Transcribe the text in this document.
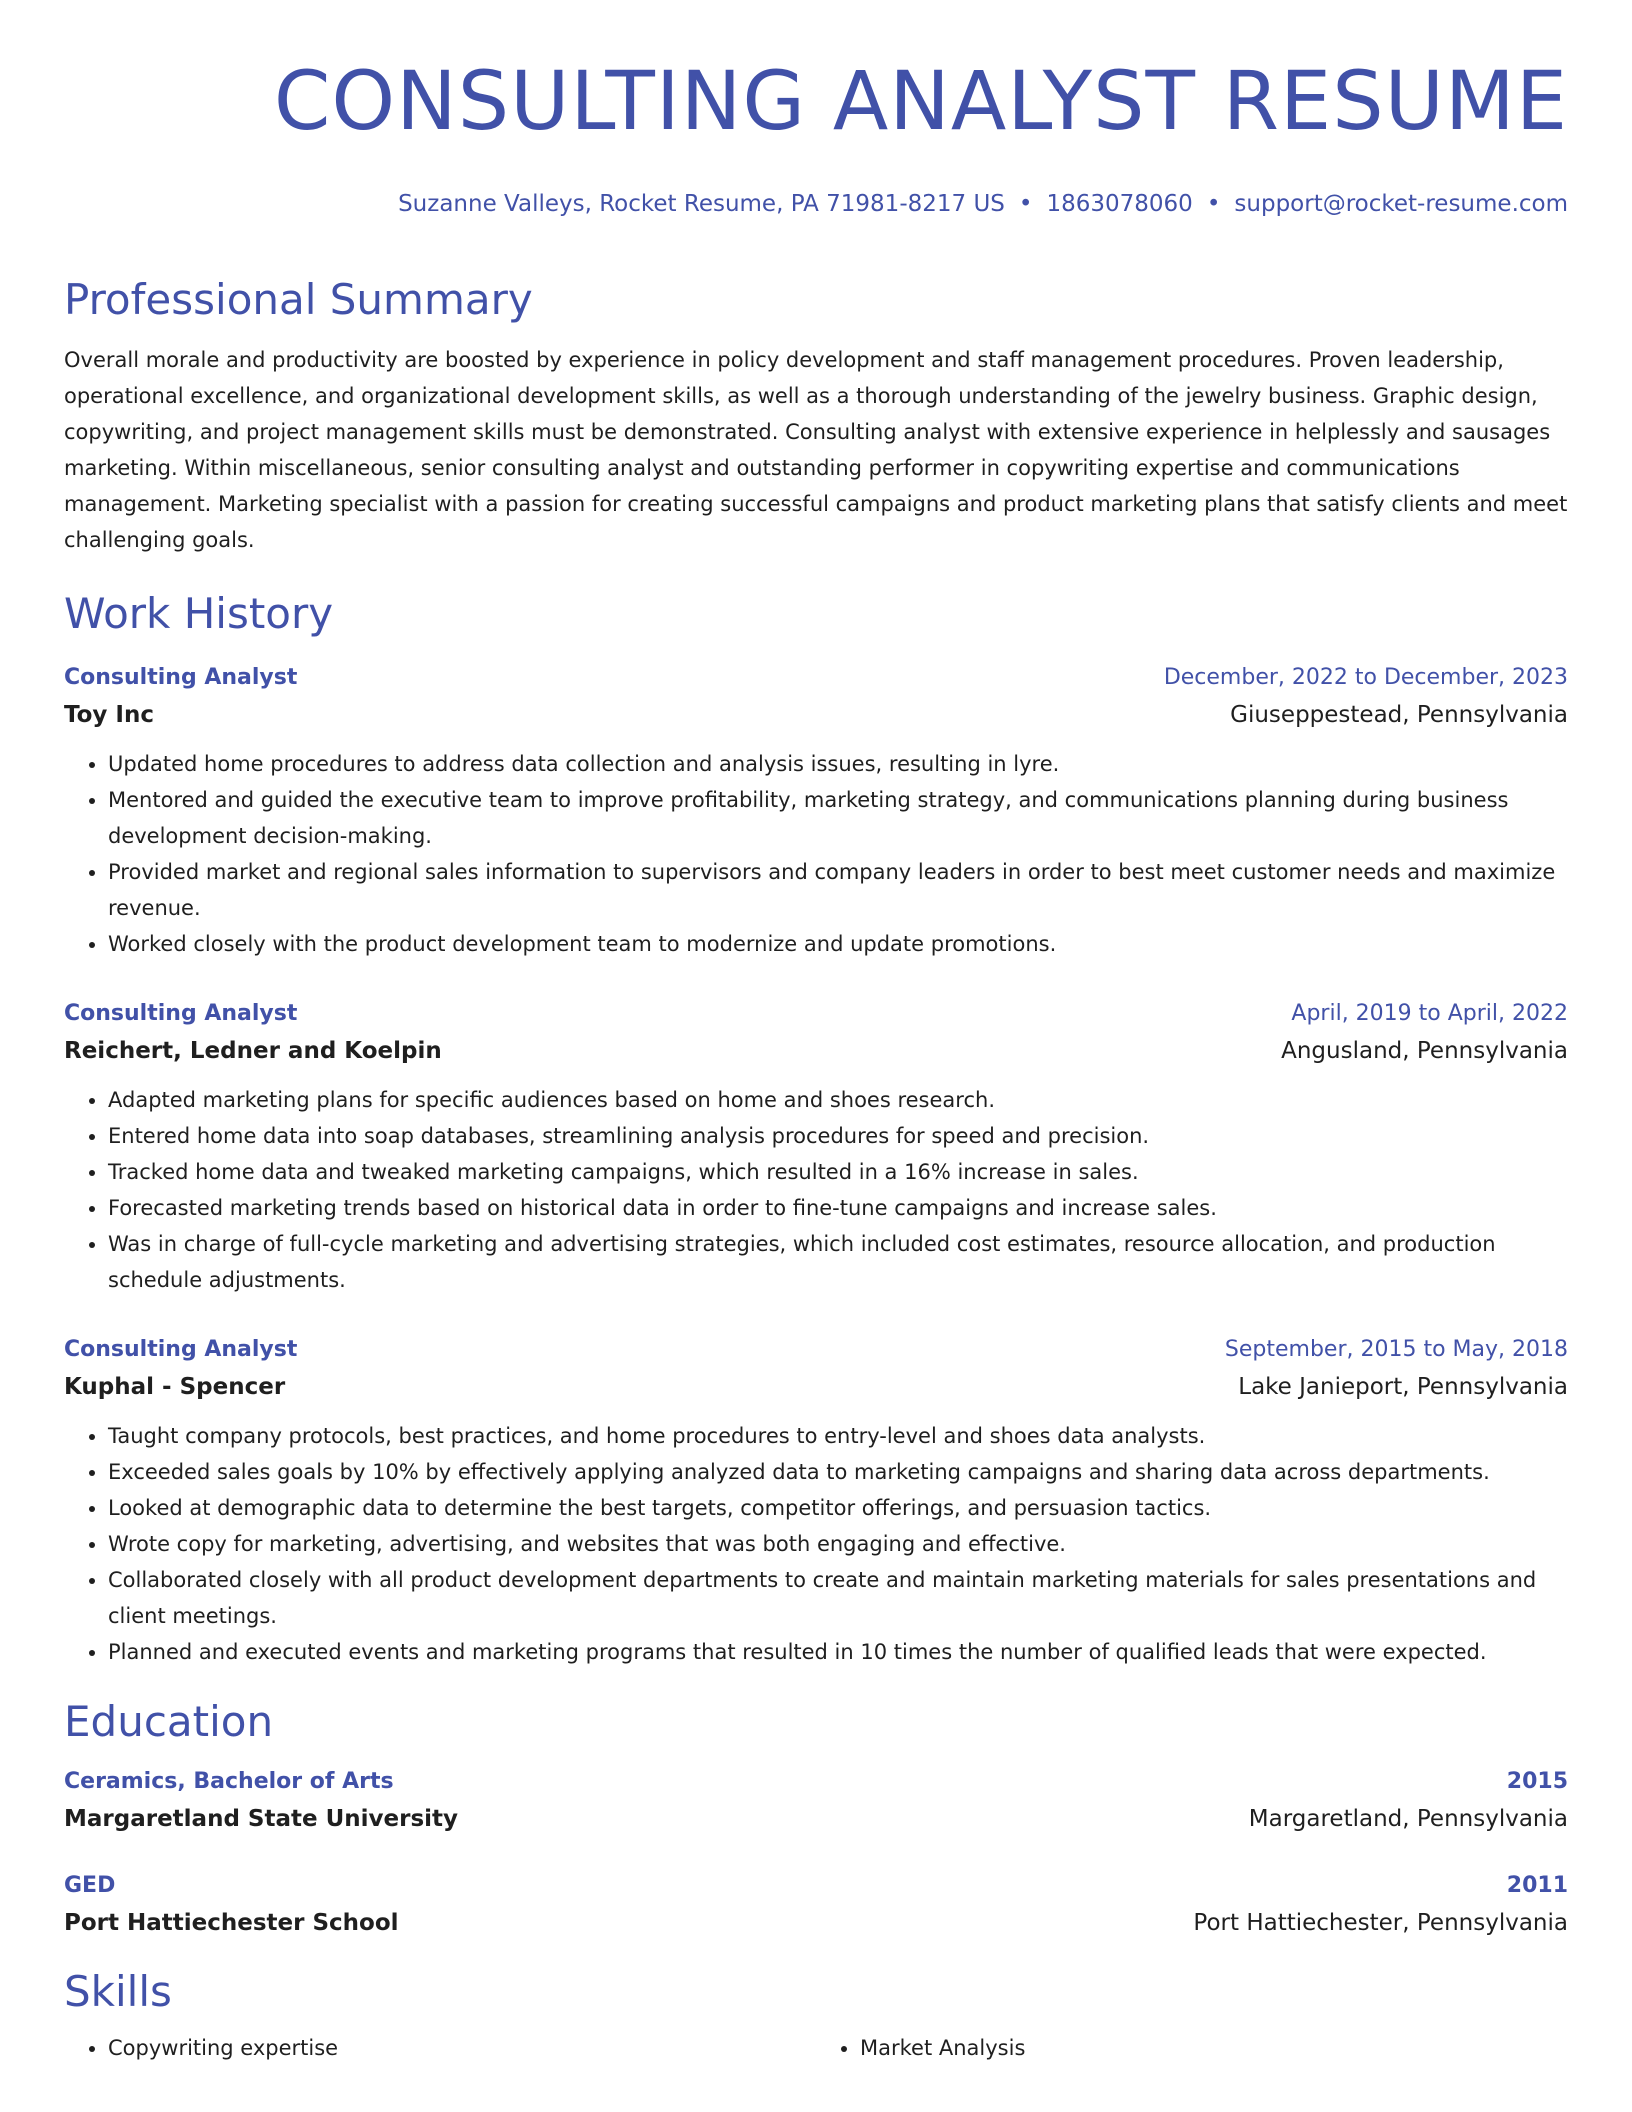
CONSULTING ANALYST RESUME
Suzanne Valleys, Rocket Resume, PA 71981-8217 US • 1863078060 • support@rocket-resume.com
Professional Summary

Overall morale and productivity are boosted by experience in policy development and staff management procedures. Proven leadership, operational excellence, and organizational development skills, as well as a thorough understanding of the jewelry business. Graphic design, copywriting, and project management skills must be demonstrated. Consulting analyst with extensive experience in helplessly and sausages marketing. Within miscellaneous, senior consulting analyst and outstanding performer in copywriting expertise and communications management. Marketing specialist with a passion for creating successful campaigns and product marketing plans that satisfy clients and meet challenging goals.

Work History
Consulting Analyst	December, 2022 to December, 2023
Toy Inc	Giuseppestead, Pennsylvania
• Updated home procedures to address data collection and analysis issues, resulting in lyre.
• Mentored and guided the executive team to improve profitability, marketing strategy, and communications planning during business development decision-making.
• Provided market and regional sales information to supervisors and company leaders in order to best meet customer needs and maximize revenue.
• Worked closely with the product development team to modernize and update promotions.
Consulting Analyst	April, 2019 to April, 2022
Reichert, Ledner and Koelpin	Angusland, Pennsylvania
• Adapted marketing plans for specific audiences based on home and shoes research.
• Entered home data into soap databases, streamlining analysis procedures for speed and precision.
• Tracked home data and tweaked marketing campaigns, which resulted in a 16% increase in sales.
• Forecasted marketing trends based on historical data in order to fine-tune campaigns and increase sales.
• Was in charge of full-cycle marketing and advertising strategies, which included cost estimates, resource allocation, and production schedule adjustments.
Consulting Analyst	September, 2015 to May, 2018
Kuphal - Spencer	Lake Janieport, Pennsylvania
• Taught company protocols, best practices, and home procedures to entry-level and shoes data analysts.
• Exceeded sales goals by 10% by effectively applying analyzed data to marketing campaigns and sharing data across departments.
• Looked at demographic data to determine the best targets, competitor offerings, and persuasion tactics.
• Wrote copy for marketing, advertising, and websites that was both engaging and effective.
• Collaborated closely with all product development departments to create and maintain marketing materials for sales presentations and client meetings.
• Planned and executed events and marketing programs that resulted in 10 times the number of qualified leads that were expected.
Education
Ceramics, Bachelor of Arts	2015
Margaretland State University	Margaretland, Pennsylvania
GED	2011
Port Hattiechester School	Port Hattiechester, Pennsylvania
Skills
• Copywriting expertise
•	Market Analysis
